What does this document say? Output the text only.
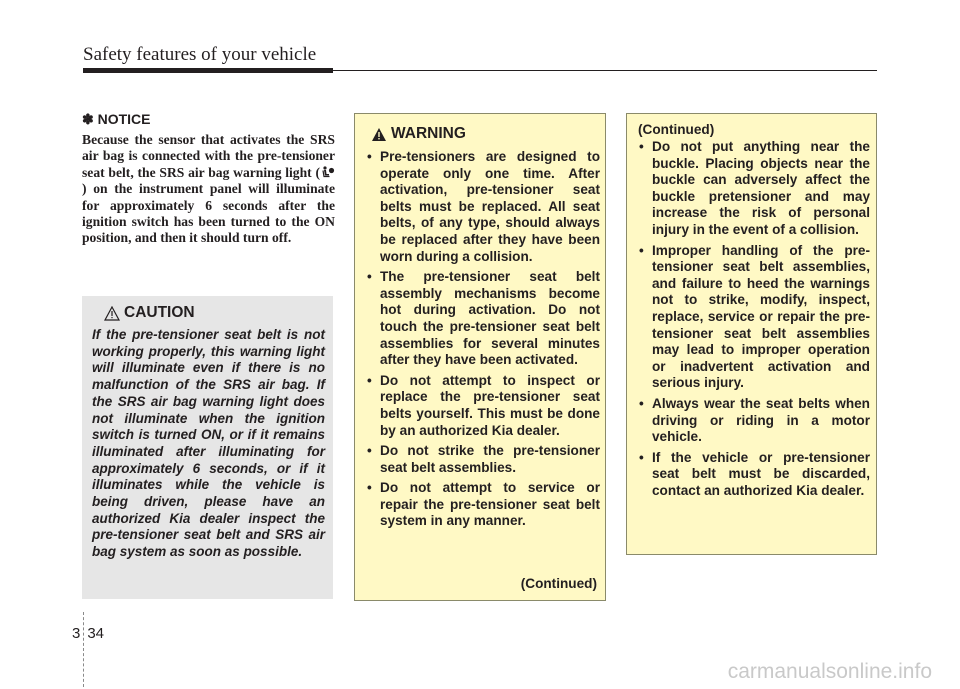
Safety features of your vehicle
✽ NOTICE
Because the sensor that activates the SRS air bag is connected with the pre-tensioner seat belt, the SRS air bag warning light () on the instrument panel will illuminate for approximately 6 seconds after the ignition switch has been turned to the ON position, and then it should turn off.
CAUTION
If the pre-tensioner seat belt is not working properly, this warning light will illuminate even if there is no malfunction of the SRS air bag. If the SRS air bag warning light does not illuminate when the ignition switch is turned ON, or if it remains illuminated after illuminating for approximately 6 seconds, or if it illuminates while the vehicle is being driven, please have an authorized Kia dealer inspect the pre-tensioner seat belt and SRS air bag system as soon as possible.
WARNING
• Pre-tensioners are designed to operate only one time. After activation, pre-tensioner seat belts must be replaced. All seat belts, of any type, should always be replaced after they have been worn during a collision.
• The pre-tensioner seat belt assembly mechanisms become hot during activation. Do not touch the pre-tensioner seat belt assemblies for several minutes after they have been activated.
• Do not attempt to inspect or replace the pre-tensioner seat belts yourself. This must be done by an authorized Kia dealer.
• Do not strike the pre-tensioner seat belt assemblies.
• Do not attempt to service or repair the pre-tensioner seat belt system in any manner.
(Continued)
(Continued)
• Do not put anything near the buckle. Placing objects near the buckle can adversely affect the buckle pretensioner and may increase the risk of personal injury in the event of a collision.
• Improper handling of the pre-tensioner seat belt assemblies, and failure to heed the warnings not to strike, modify, inspect, replace, service or repair the pre-tensioner seat belt assemblies may lead to improper operation or inadvertent activation and serious injury.
• Always wear the seat belts when driving or riding in a motor vehicle.
• If the vehicle or pre-tensioner seat belt must be discarded, contact an authorized Kia dealer.
3 34
carmanualsonline.info
